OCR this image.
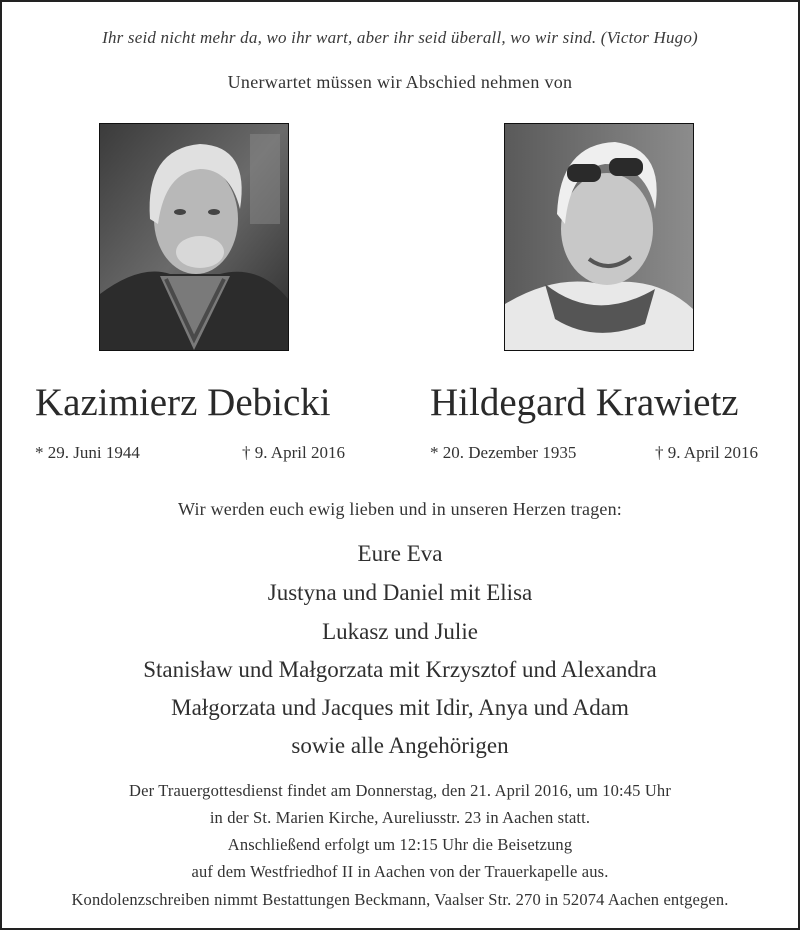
Ihr seid nicht mehr da, wo ihr wart, aber ihr seid überall, wo wir sind. (Victor Hugo)
Unerwartet müssen wir Abschied nehmen von
Kazimierz Debicki	Hildegard Krawietz
* 29. Juni 1944	† 9. April 2016	* 20. Dezember 1935	† 9. April 2016
Wir werden euch ewig lieben und in unseren Herzen tragen:
Eure Eva
Justyna und Daniel mit Elisa
Lukasz und Julie
Stanisław und Małgorzata mit Krzysztof und Alexandra
Małgorzata und Jacques mit Idir, Anya und Adam
sowie alle Angehörigen
Der Trauergottesdienst findet am Donnerstag, den 21. April 2016, um 10:45 Uhr
in der St. Marien Kirche, Aureliusstr. 23 in Aachen statt.
Anschließend erfolgt um 12:15 Uhr die Beisetzung
auf dem Westfriedhof II in Aachen von der Trauerkapelle aus.
Kondolenzschreiben nimmt Bestattungen Beckmann, Vaalser Str. 270 in 52074 Aachen entgegen.
